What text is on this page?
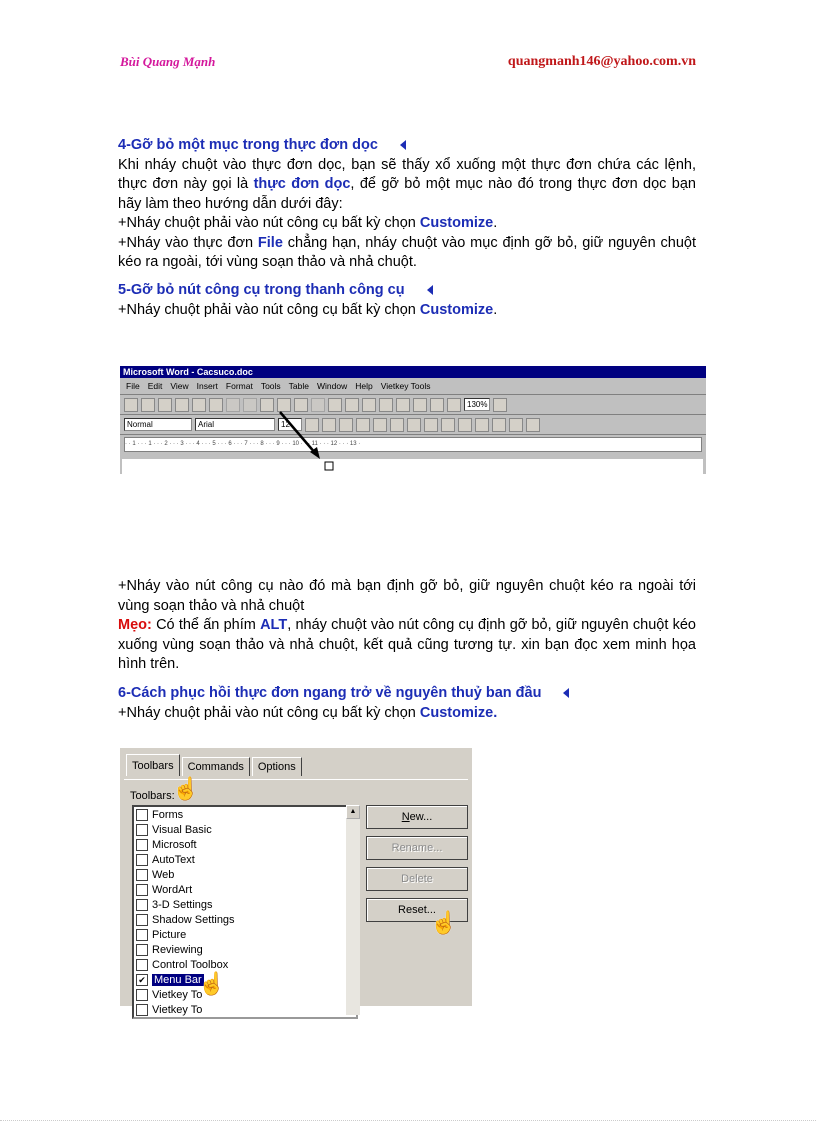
Bùi Quang Mạnh	quangmanh146@yahoo.com.vn

4-Gỡ bỏ một mục trong thực đơn dọc

Khi nháy chuột vào thực đơn dọc, bạn sẽ thấy xổ xuống một thực đơn chứa các lệnh, thực đơn này gọi là thực đơn dọc, để gỡ bỏ một mục nào đó trong thực đơn dọc bạn hãy làm theo hướng dẫn dưới đây:

+Nháy chuột phải vào nút công cụ bất kỳ chọn Customize.

+Nháy vào thực đơn File chẳng hạn, nháy chuột vào mục định gỡ bỏ, giữ nguyên chuột kéo ra ngoài, tới vùng soạn thảo và nhả chuột.

5-Gỡ bỏ nút công cụ trong thanh công cụ

+Nháy chuột phải vào nút công cụ bất kỳ chọn Customize.

Microsoft Word - Cacsuco.doc
File Edit View Insert Format Tools Table Window Help Vietkey Tools
130%
Normal	Arial	12
· · 1 · · · 1 · · · 2 · · · 3 · · · 4 · · · 5 · · · 6 · · · 7 · · · 8 · · · 9 · · · 10 · · · 11 · · · 12 · · · 13 ·

+Nháy vào nút công cụ nào đó mà bạn định gỡ bỏ, giữ nguyên chuột kéo ra ngoài tới vùng soạn thảo và nhả chuột

Mẹo: Có thể ấn phím ALT, nháy chuột vào nút công cụ định gỡ bỏ, giữ nguyên chuột kéo xuống vùng soạn thảo và nhả chuột, kết quả cũng tương tự. xin bạn đọc xem minh họa hình trên.

6-Cách phục hồi thực đơn ngang trở về nguyên thuỷ ban đầu

+Nháy chuột phải vào nút công cụ bất kỳ chọn Customize.

Toolbars	Commands	Options
Toolbars:
Forms
Visual Basic
Microsoft
AutoText
Web
WordArt
3-D Settings
Shadow Settings
Picture
Reviewing
Control Toolbox
✔ Menu Bar
Vietkey To
Vietkey To
▲	New...
Rename...
Delete
Reset...
☝
☝
☝
